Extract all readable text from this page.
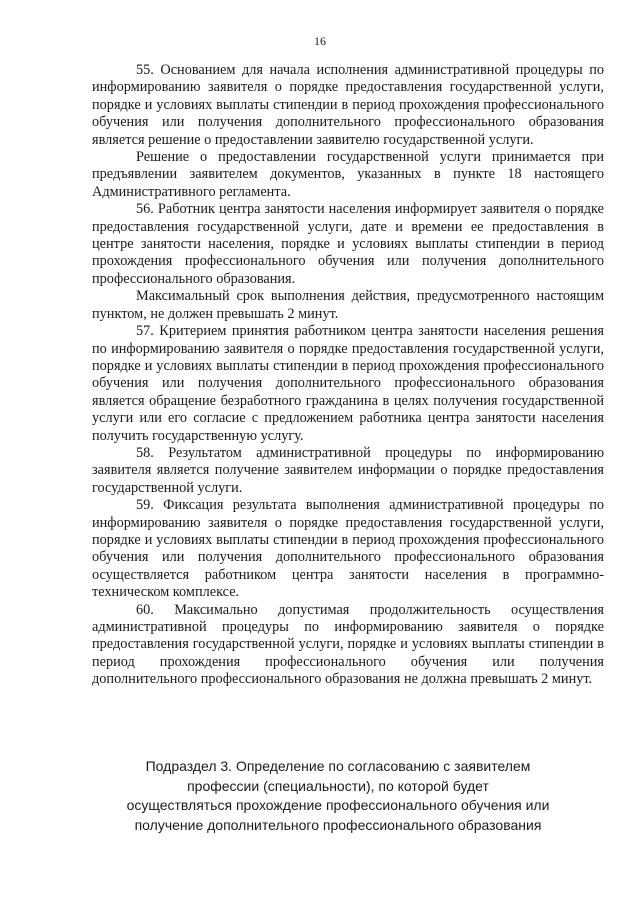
16

55. Основанием для начала исполнения административной процедуры по информированию заявителя о порядке предоставления государственной услуги, порядке и условиях выплаты стипендии в период прохождения профессионального обучения или получения дополнительного профессионального образования является решение о предоставлении заявителю государственной услуги.

Решение о предоставлении государственной услуги принимается при предъявлении заявителем документов, указанных в пункте 18 настоящего Административного регламента.

56. Работник центра занятости населения информирует заявителя о порядке предоставления государственной услуги, дате и времени ее предоставления в центре занятости населения, порядке и условиях выплаты стипендии в период прохождения профессионального обучения или получения дополнительного профессионального образования.

Максимальный срок выполнения действия, предусмотренного настоящим пунктом, не должен превышать 2 минут.

57. Критерием принятия работником центра занятости населения решения по информированию заявителя о порядке предоставления государственной услуги, порядке и условиях выплаты стипендии в период прохождения профессионального обучения или получения дополнительного профессионального образования является обращение безработного гражданина в целях получения государственной услуги или его согласие с предложением работника центра занятости населения получить государственную услугу.

58. Результатом административной процедуры по информированию заявителя является получение заявителем информации о порядке предоставления государственной услуги.

59. Фиксация результата выполнения административной процедуры по информированию заявителя о порядке предоставления государственной услуги, порядке и условиях выплаты стипендии в период прохождения профессионального обучения или получения дополнительного профессионального образования осуществляется работником центра занятости населения в программно-техническом комплексе.

60. Максимально допустимая продолжительность осуществления административной процедуры по информированию заявителя о порядке предоставления государственной услуги, порядке и условиях выплаты стипендии в период прохождения профессионального обучения или получения дополнительного профессионального образования не должна превышать 2 минут.

Подраздел 3. Определение по согласованию с заявителем
профессии (специальности), по которой будет
осуществляться прохождение профессионального обучения или
получение дополнительного профессионального образования
